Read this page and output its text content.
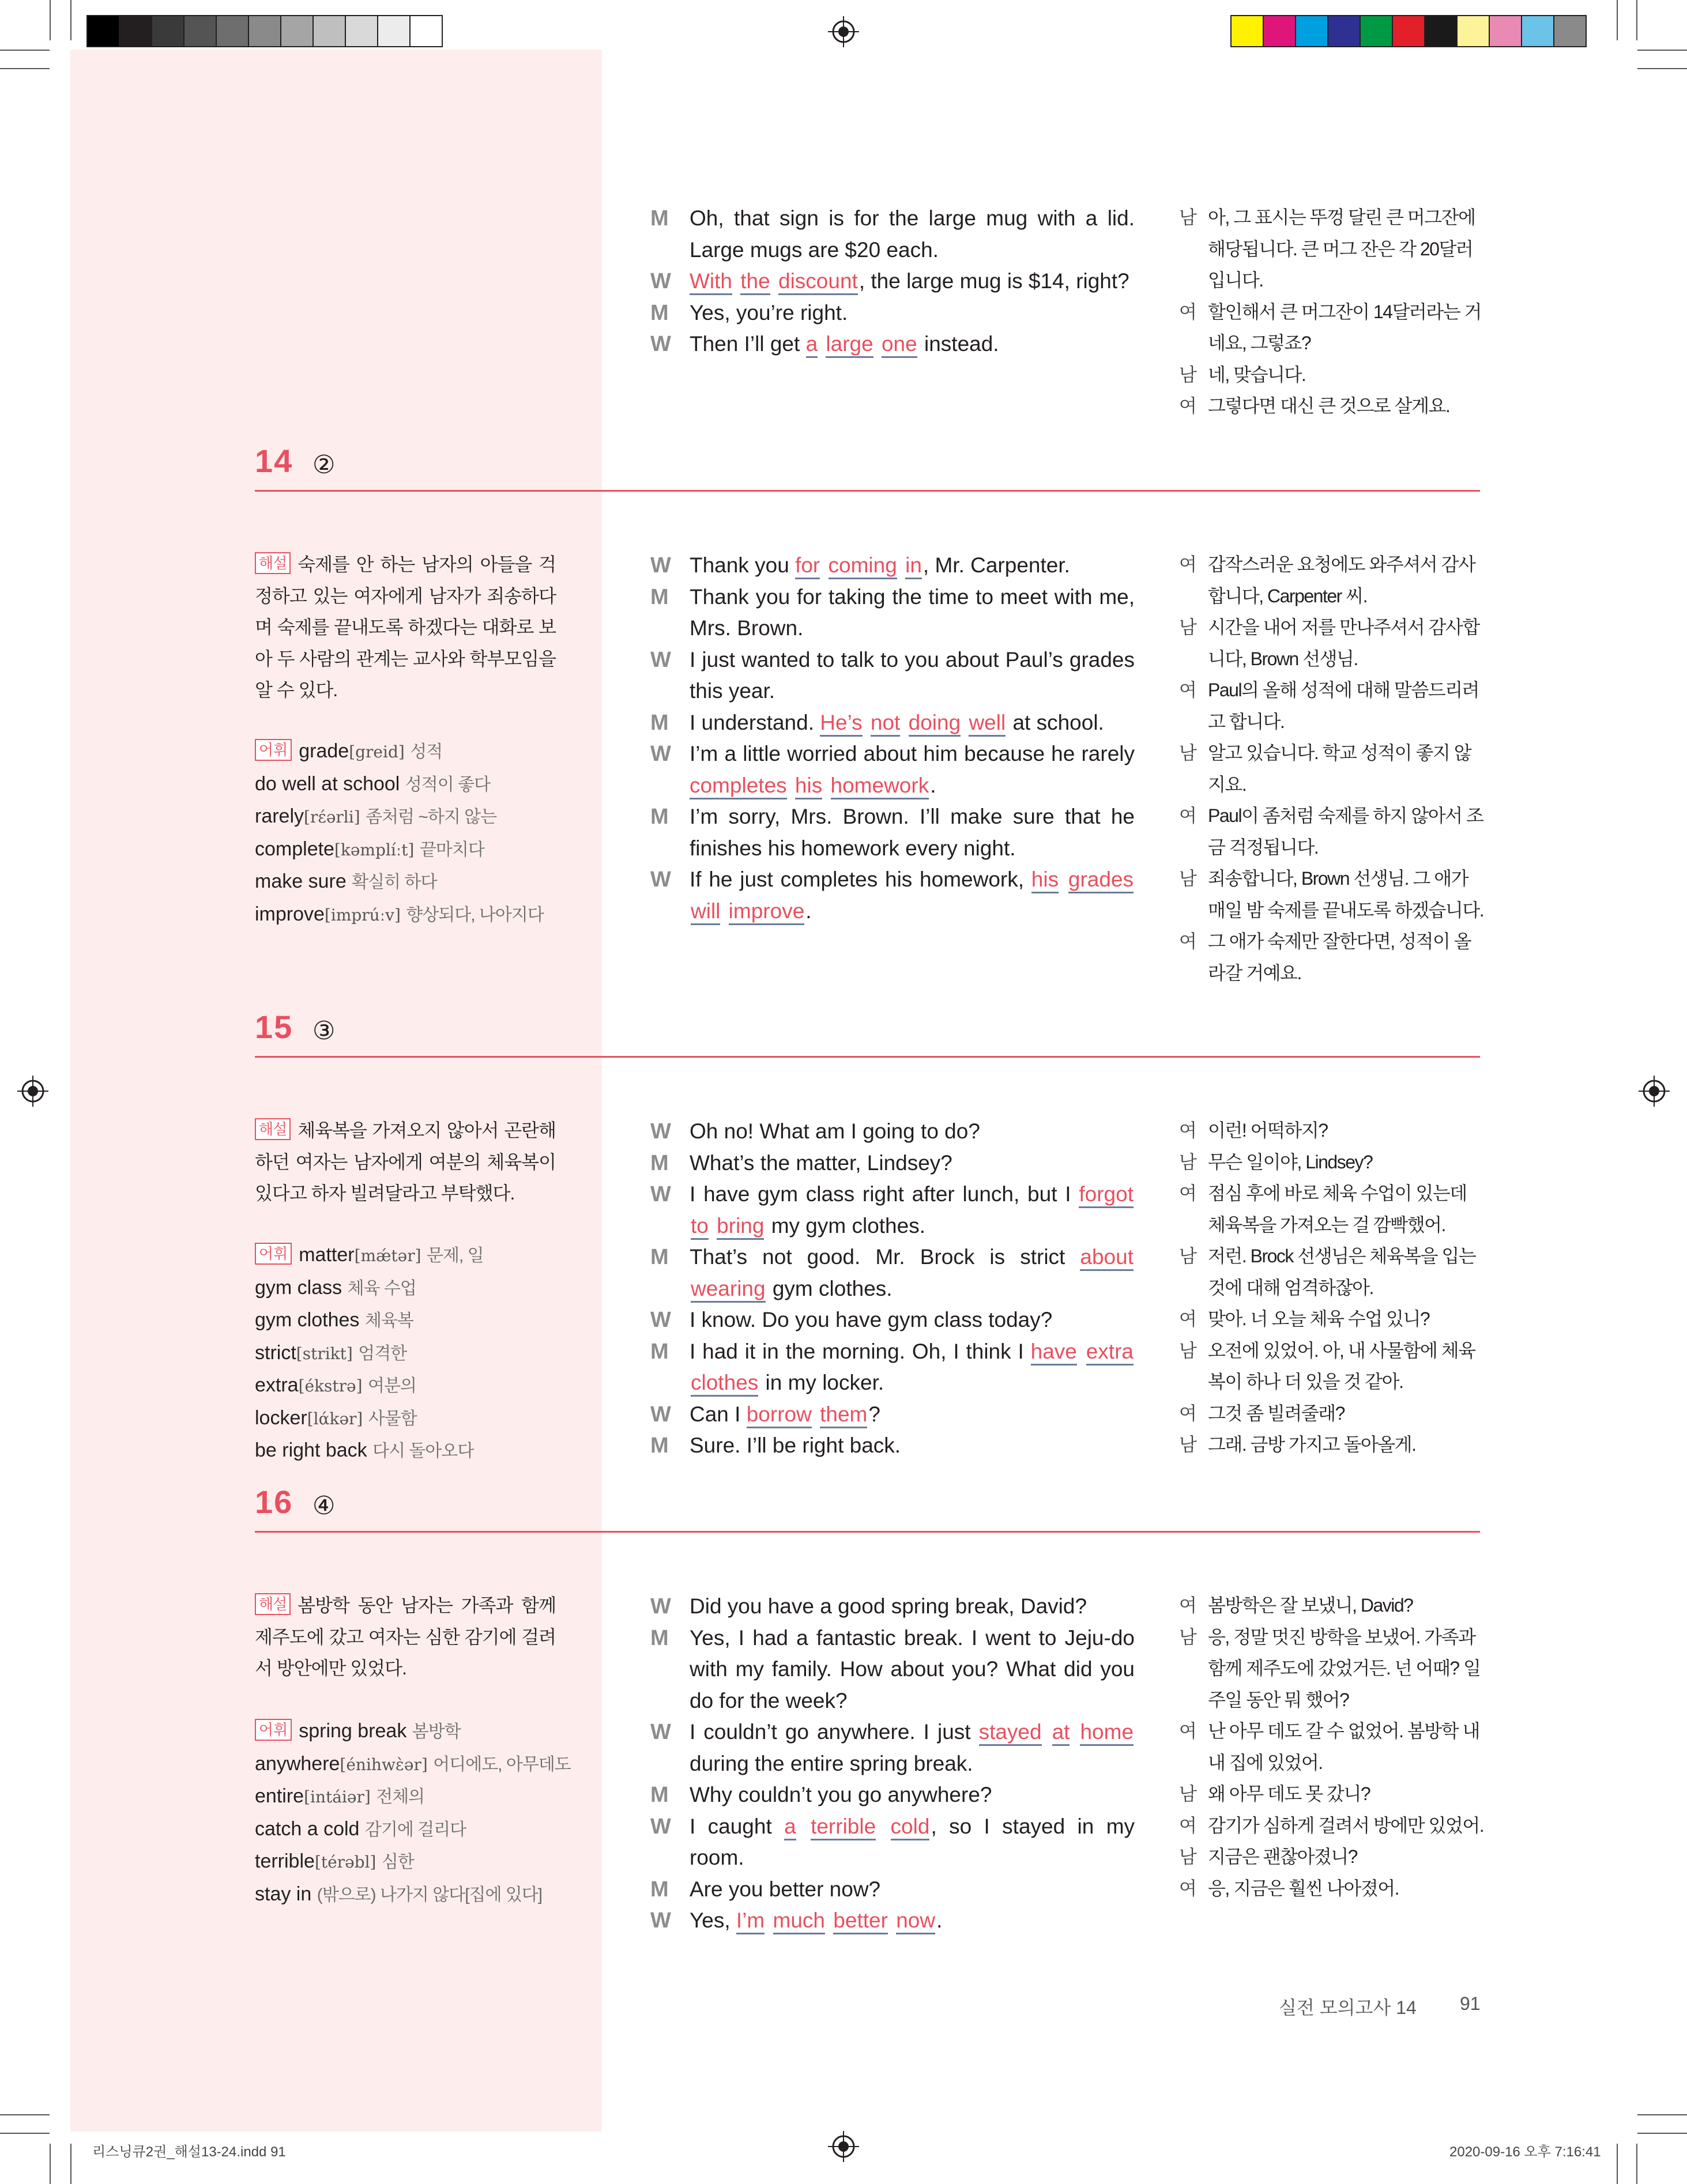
M Oh, that sign is for the large mug with a lid. Large mugs are $20 each.
W With the discount, the large mug is $14, right?
M Yes, you’re right.
W Then I’ll get a large one instead.
남 아, 그 표시는 뚜껑 달린 큰 머그잔에 해당됩니다. 큰 머그 잔은 각 20달러입니다.
여 할인해서 큰 머그잔이 14달러라는 거네요, 그렇죠?
남 네, 맞습니다.
여 그렇다면 대신 큰 것으로 살게요.
14 ②
해설 숙제를 안 하는 남자의 아들을 걱정하고 있는 여자에게 남자가 죄송하다며 숙제를 끝내도록 하겠다는 대화로 보아 두 사람의 관계는 교사와 학부모임을 알 수 있다.
어휘 grade[greid] 성적
do well at school 성적이 좋다
rarely[rέərli] 좀처럼 ~하지 않는
complete[kəmplíːt] 끝마치다
make sure 확실히 하다
improve[imprúːv] 향상되다, 나아지다
W Thank you for coming in, Mr. Carpenter.
M Thank you for taking the time to meet with me, Mrs. Brown.
W I just wanted to talk to you about Paul’s grades this year.
M I understand. He’s not doing well at school.
W I’m a little worried about him because he rarely completes his homework.
M I’m sorry, Mrs. Brown. I’ll make sure that he finishes his homework every night.
W If he just completes his homework, his grades will improve.
여 갑작스러운 요청에도 와주셔서 감사합니다, Carpenter 씨.
남 시간을 내어 저를 만나주셔서 감사합니다, Brown 선생님.
여 Paul의 올해 성적에 대해 말씀드리려고 합니다.
남 알고 있습니다. 학교 성적이 좋지 않지요.
여 Paul이 좀처럼 숙제를 하지 않아서 조금 걱정됩니다.
남 죄송합니다, Brown 선생님. 그 애가 매일 밤 숙제를 끝내도록 하겠습니다.
여 그 애가 숙제만 잘한다면, 성적이 올라갈 거예요.
15 ③
해설 체육복을 가져오지 않아서 곤란해 하던 여자는 남자에게 여분의 체육복이 있다고 하자 빌려달라고 부탁했다.
어휘 matter[mǽtər] 문제, 일
gym class 체육 수업
gym clothes 체육복
strict[strikt] 엄격한
extra[ékstrə] 여분의
locker[lάkər] 사물함
be right back 다시 돌아오다
W Oh no! What am I going to do?
M What’s the matter, Lindsey?
W I have gym class right after lunch, but I forgot to bring my gym clothes.
M That’s not good. Mr. Brock is strict about wearing gym clothes.
W I know. Do you have gym class today?
M I had it in the morning. Oh, I think I have extra clothes in my locker.
W Can I borrow them?
M Sure. I’ll be right back.
여 이런! 어떡하지?
남 무슨 일이야, Lindsey?
여 점심 후에 바로 체육 수업이 있는데 체육복을 가져오는 걸 깜빡했어.
남 저런. Brock 선생님은 체육복을 입는 것에 대해 엄격하잖아.
여 맞아. 너 오늘 체육 수업 있니?
남 오전에 있었어. 아, 내 사물함에 체육복이 하나 더 있을 것 같아.
여 그것 좀 빌려줄래?
남 그래. 금방 가지고 돌아올게.
16 ④
해설 봄방학 동안 남자는 가족과 함께 제주도에 갔고 여자는 심한 감기에 걸려서 방안에만 있었다.
어휘 spring break 봄방학
anywhere[énihwὲər] 어디에도, 아무데도
entire[intáiər] 전체의
catch a cold 감기에 걸리다
terrible[térəbl] 심한
stay in (밖으로) 나가지 않다[집에 있다]
W Did you have a good spring break, David?
M Yes, I had a fantastic break. I went to Jeju-do with my family. How about you? What did you do for the week?
W I couldn’t go anywhere. I just stayed at home during the entire spring break.
M Why couldn’t you go anywhere?
W I caught a terrible cold, so I stayed in my room.
M Are you better now?
W Yes, I’m much better now.
여 봄방학은 잘 보냈니, David?
남 응, 정말 멋진 방학을 보냈어. 가족과 함께 제주도에 갔었거든. 넌 어때? 일주일 동안 뭐 했어?
여 난 아무 데도 갈 수 없었어. 봄방학 내내 집에 있었어.
남 왜 아무 데도 못 갔니?
여 감기가 심하게 걸려서 방에만 있었어.
남 지금은 괜찮아졌니?
여 응, 지금은 훨씬 나아졌어.
실전 모의고사 14 91
리스닝큐2권_해설13-24.indd 91	2020-09-16 오후 7:16:41
